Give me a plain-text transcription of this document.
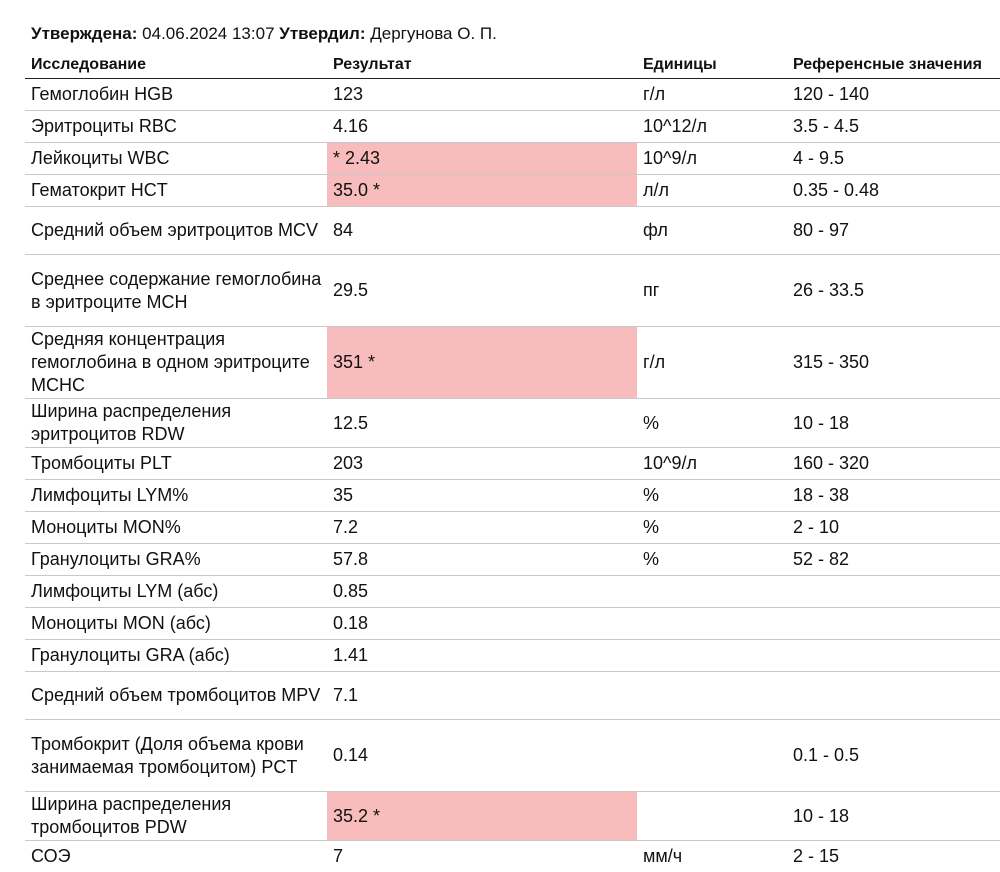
Утверждена: 04.06.2024 13:07 Утвердил: Дергунова О. П.
Исследование	Результат	Единицы	Референсные значения
Гемоглобин HGB	123	г/л	120 - 140
Эритроциты RBC	4.16	10^12/л	3.5 - 4.5
Лейкоциты WBC	* 2.43	10^9/л	4 - 9.5
Гематокрит HCT	35.0 *	л/л	0.35 - 0.48
Средний объем эритроцитов MCV	84	фл	80 - 97
Среднее содержание гемоглобина в эритроците MCH	29.5	пг	26 - 33.5
Средняя концентрация гемоглобина в одном эритроците MCHC	351 *	г/л	315 - 350
Ширина распределения эритроцитов RDW	12.5	%	10 - 18
Тромбоциты PLT	203	10^9/л	160 - 320
Лимфоциты LYM%	35	%	18 - 38
Моноциты MON%	7.2	%	2 - 10
Гранулоциты GRA%	57.8	%	52 - 82
Лимфоциты LYM (абс)	0.85		
Моноциты MON (абс)	0.18		
Гранулоциты GRA (абс)	1.41		
Средний объем тромбоцитов MPV	7.1		
Тромбокрит (Доля объема крови занимаемая тромбоцитом) PCT	0.14		0.1 - 0.5
Ширина распределения тромбоцитов PDW	35.2 *		10 - 18
СОЭ	7	мм/ч	2 - 15
